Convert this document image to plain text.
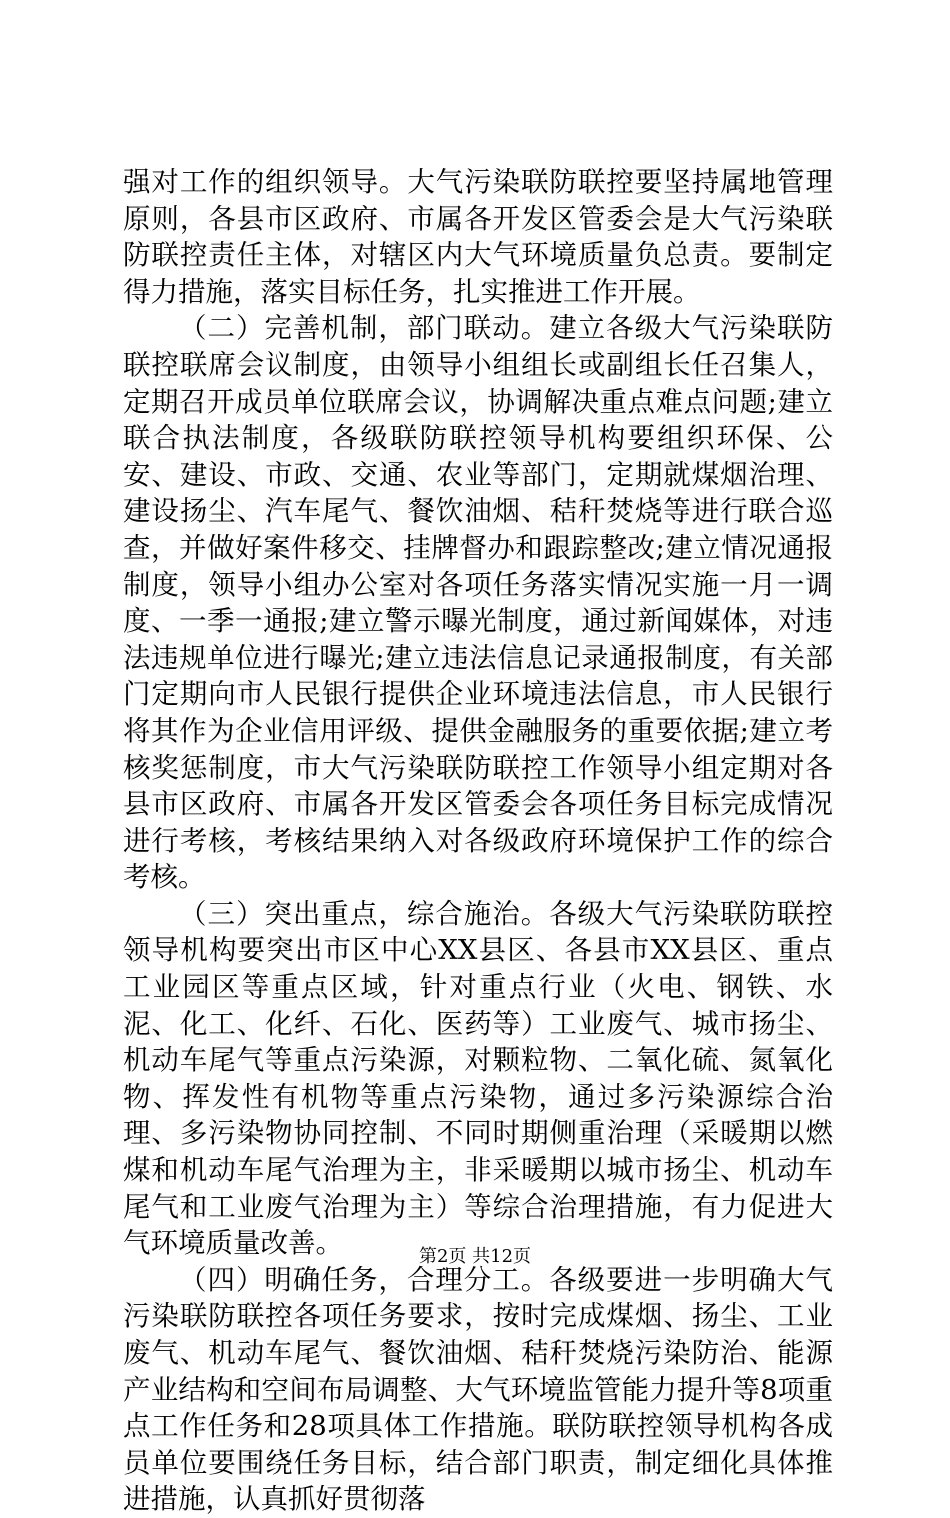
强对工作的组织领导。大气污染联防联控要坚持属地管理原则，各县市区政府、市属各开发区管委会是大气污染联防联控责任主体，对辖区内大气环境质量负总责。要制定得力措施，落实目标任务，扎实推进工作开展。

（二）完善机制，部门联动。建立各级大气污染联防联控联席会议制度，由领导小组组长或副组长任召集人，定期召开成员单位联席会议，协调解决重点难点问题;建立联合执法制度，各级联防联控领导机构要组织环保、公安、建设、市政、交通、农业等部门，定期就煤烟治理、建设扬尘、汽车尾气、餐饮油烟、秸秆焚烧等进行联合巡查，并做好案件移交、挂牌督办和跟踪整改;建立情况通报制度，领导小组办公室对各项任务落实情况实施一月一调度、一季一通报;建立警示曝光制度，通过新闻媒体，对违法违规单位进行曝光;建立违法信息记录通报制度，有关部门定期向市人民银行提供企业环境违法信息，市人民银行将其作为企业信用评级、提供金融服务的重要依据;建立考核奖惩制度，市大气污染联防联控工作领导小组定期对各县市区政府、市属各开发区管委会各项任务目标完成情况进行考核，考核结果纳入对各级政府环境保护工作的综合考核。

（三）突出重点，综合施治。各级大气污染联防联控领导机构要突出市区中心XX县区、各县市XX县区、重点工业园区等重点区域，针对重点行业（火电、钢铁、水泥、化工、化纤、石化、医药等）工业废气、城市扬尘、机动车尾气等重点污染源，对颗粒物、二氧化硫、氮氧化物、挥发性有机物等重点污染物，通过多污染源综合治理、多污染物协同控制、不同时期侧重治理（采暖期以燃煤和机动车尾气治理为主，非采暖期以城市扬尘、机动车尾气和工业废气治理为主）等综合治理措施，有力促进大气环境质量改善。

（四）明确任务，合理分工。各级要进一步明确大气污染联防联控各项任务要求，按时完成煤烟、扬尘、工业废气、机动车尾气、餐饮油烟、秸秆焚烧污染防治、能源产业结构和空间布局调整、大气环境监管能力提升等8项重点工作任务和28项具体工作措施。联防联控领导机构各成员单位要围绕任务目标，结合部门职责，制定细化具体推进措施，认真抓好贯彻落

第2页 共12页
